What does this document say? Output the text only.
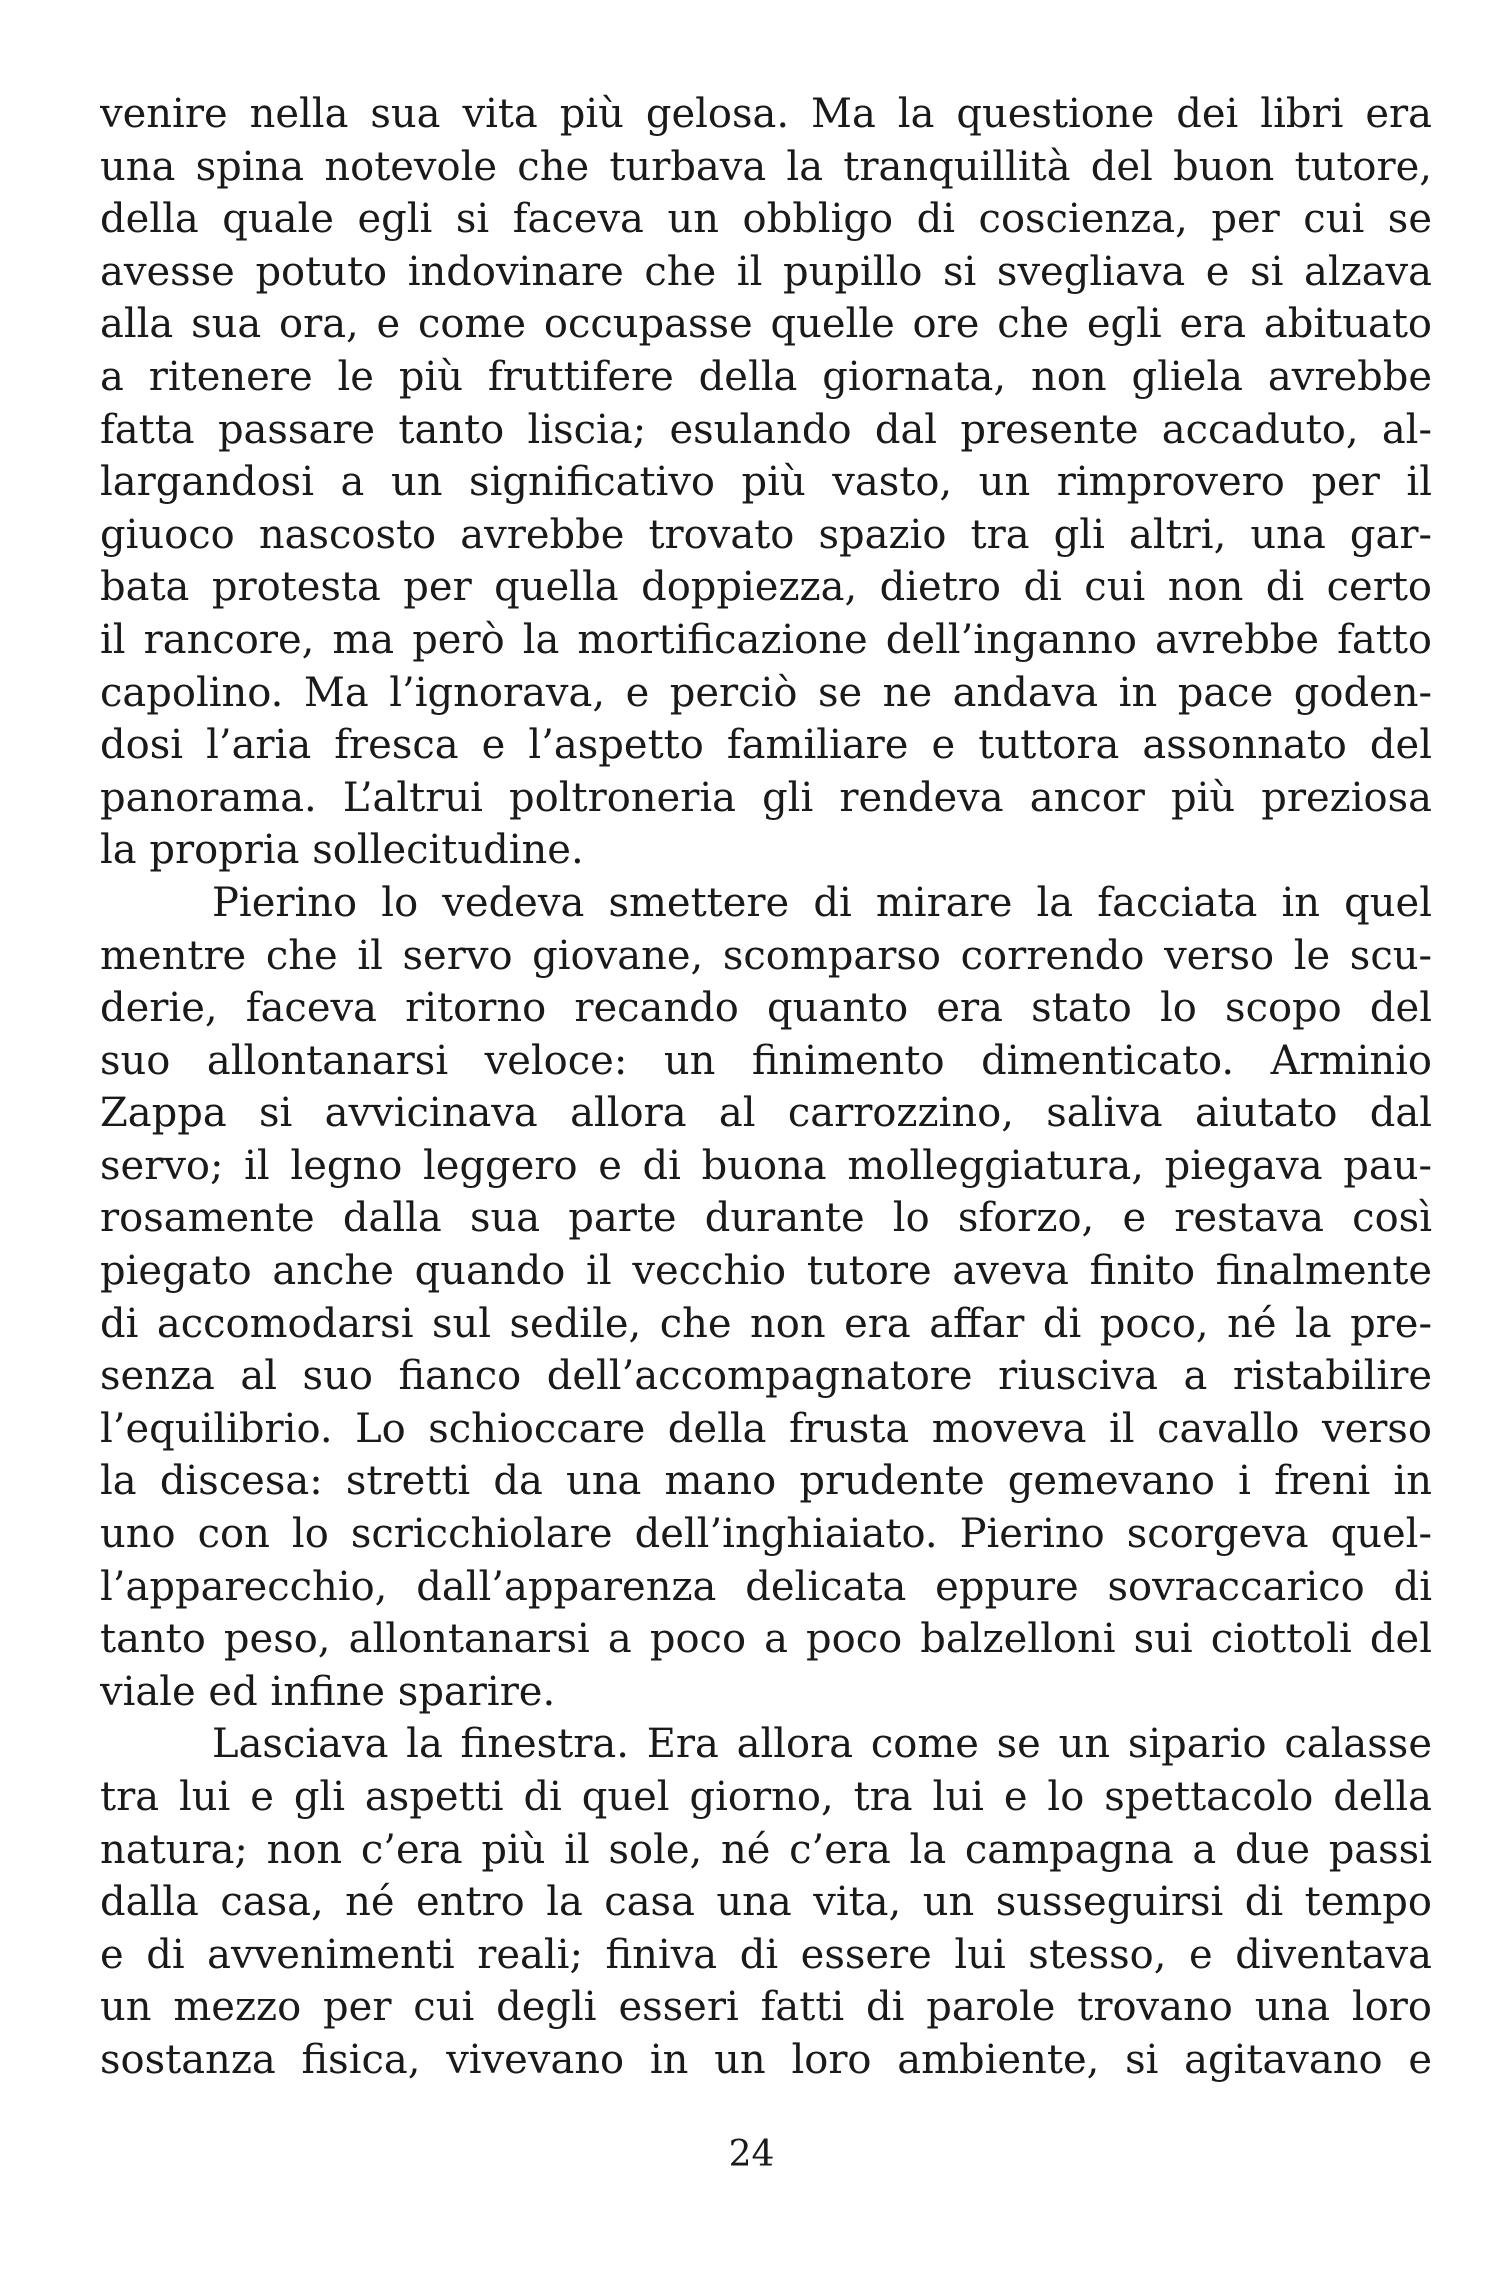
venire nella sua vita più gelosa. Ma la questione dei libri era
una spina notevole che turbava la tranquillità del buon tutore,
della quale egli si faceva un obbligo di coscienza, per cui se
avesse potuto indovinare che il pupillo si svegliava e si alzava
alla sua ora, e come occupasse quelle ore che egli era abituato
a ritenere le più fruttifere della giornata, non gliela avrebbe
fatta passare tanto liscia; esulando dal presente accaduto, al-
largandosi a un significativo più vasto, un rimprovero per il
giuoco nascosto avrebbe trovato spazio tra gli altri, una gar-
bata protesta per quella doppiezza, dietro di cui non di certo
il rancore, ma però la mortificazione dell’inganno avrebbe fatto
capolino. Ma l’ignorava, e perciò se ne andava in pace goden-
dosi l’aria fresca e l’aspetto familiare e tuttora assonnato del
panorama. L’altrui poltroneria gli rendeva ancor più preziosa
la propria sollecitudine.
Pierino lo vedeva smettere di mirare la facciata in quel
mentre che il servo giovane, scomparso correndo verso le scu-
derie, faceva ritorno recando quanto era stato lo scopo del
suo allontanarsi veloce: un finimento dimenticato. Arminio
Zappa si avvicinava allora al carrozzino, saliva aiutato dal
servo; il legno leggero e di buona molleggiatura, piegava pau-
rosamente dalla sua parte durante lo sforzo, e restava così
piegato anche quando il vecchio tutore aveva finito finalmente
di accomodarsi sul sedile, che non era affar di poco, né la pre-
senza al suo fianco dell’accompagnatore riusciva a ristabilire
l’equilibrio. Lo schioccare della frusta moveva il cavallo verso
la discesa: stretti da una mano prudente gemevano i freni in
uno con lo scricchiolare dell’inghiaiato. Pierino scorgeva quel-
l’apparecchio, dall’apparenza delicata eppure sovraccarico di
tanto peso, allontanarsi a poco a poco balzelloni sui ciottoli del
viale ed infine sparire.
Lasciava la finestra. Era allora come se un sipario calasse
tra lui e gli aspetti di quel giorno, tra lui e lo spettacolo della
natura; non c’era più il sole, né c’era la campagna a due passi
dalla casa, né entro la casa una vita, un susseguirsi di tempo
e di avvenimenti reali; finiva di essere lui stesso, e diventava
un mezzo per cui degli esseri fatti di parole trovano una loro
sostanza fisica, vivevano in un loro ambiente, si agitavano e
24
